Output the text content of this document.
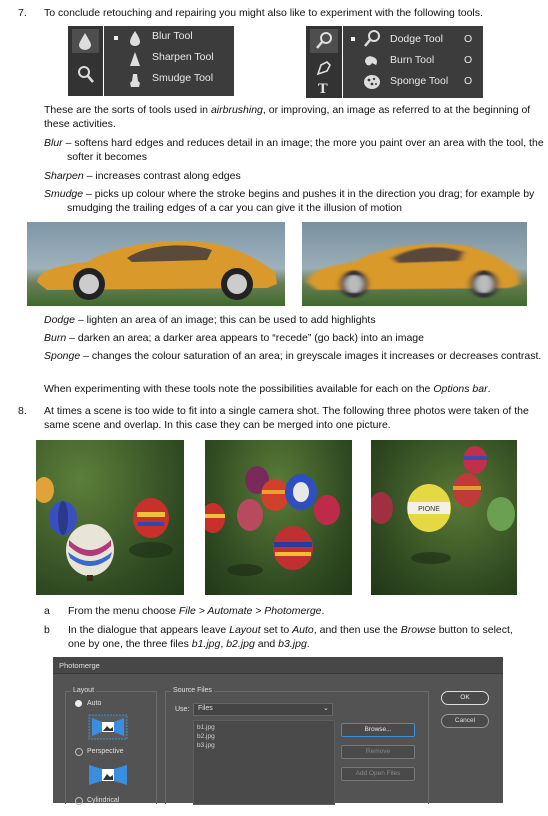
7. To conclude retouching and repairing you might also like to experiment with the following tools.
Blur Tool
Sharpen Tool
Smudge Tool
T
Dodge Tool O
Burn Tool	O
Sponge Tool O
These are the sorts of tools used in airbrushing, or improving, an image as referred to at the beginning of these activities.
Blur – softens hard edges and reduces detail in an image; the more you paint over an area with the tool, the softer it becomes
Sharpen – increases contrast along edges
Smudge – picks up colour where the stroke begins and pushes it in the direction you drag; for example by smudging the trailing edges of a car you can give it the illusion of motion
Dodge – lighten an area of an image; this can be used to add highlights
Burn – darken an area; a darker area appears to “recede” (go back) into an image
Sponge – changes the colour saturation of an area; in greyscale images it increases or decreases contrast.
When experimenting with these tools note the possibilities available for each on the Options bar.
8. At times a scene is too wide to fit into a single camera shot. The following three photos were taken of the same scene and overlap. In this case they can be merged into one picture.
PIONE
a From the menu choose File > Automate > Photomerge.
b In the dialogue that appears leave Layout set to Auto, and then use the Browse button to select, one by one, the three files b1.jpg, b2.jpg and b3.jpg.
Photomerge
Layout
Auto
Perspective
Cylindrical
Source Files
Use: Files	⌄
b1.jpg
b2.jpg
b3.jpg
Browse...
Remove
Add Open Files
OK
Cancel
